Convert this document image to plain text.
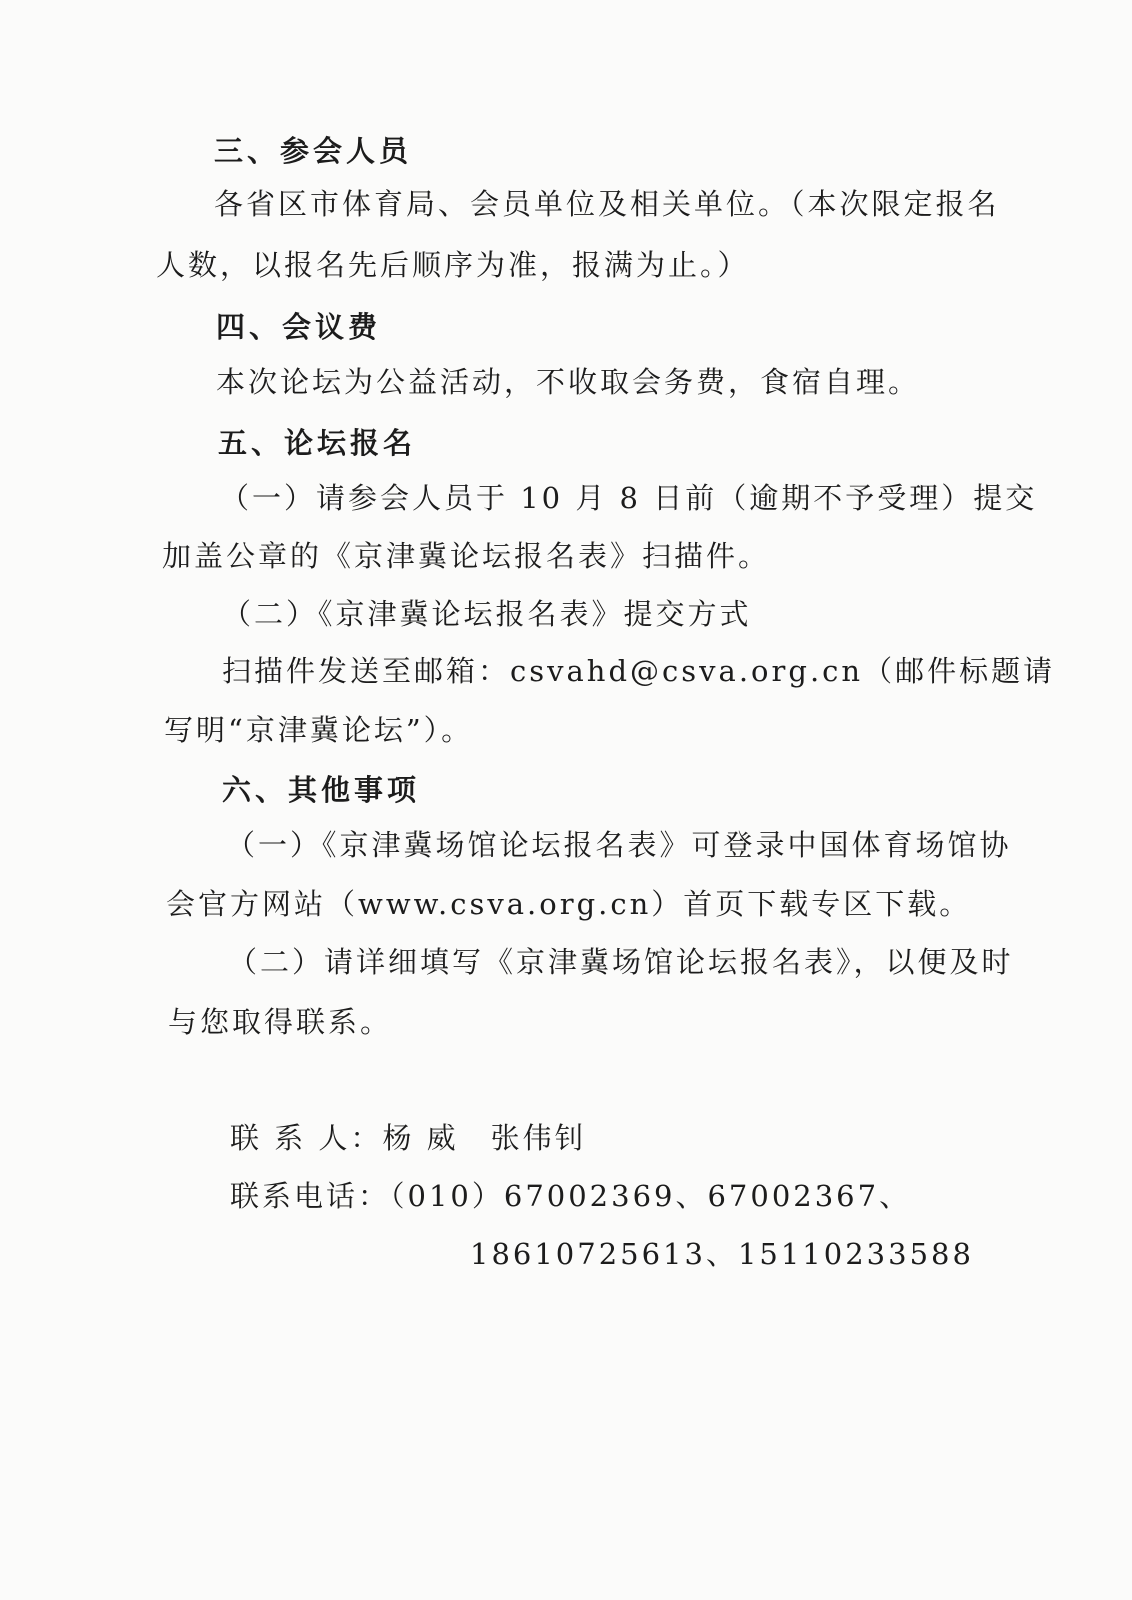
三、参会人员
各省区市体育局、会员单位及相关单位。（本次限定报名
人数，以报名先后顺序为准，报满为止。）
四、会议费
本次论坛为公益活动，不收取会务费，食宿自理。
五、论坛报名
（一）请参会人员于 10 月 8 日前（逾期不予受理）提交
加盖公章的《京津冀论坛报名表》扫描件。
（二）《京津冀论坛报名表》提交方式
扫描件发送至邮箱：csvahd@csva.org.cn（邮件标题请
写明“京津冀论坛”）。
六、其他事项
（一）《京津冀场馆论坛报名表》可登录中国体育场馆协
会官方网站（www.csva.org.cn）首页下载专区下载。
（二）请详细填写《京津冀场馆论坛报名表》，以便及时
与您取得联系。
联 系 人：杨 威　张伟钊
联系电话：（010）67002369、67002367、
18610725613、15110233588
